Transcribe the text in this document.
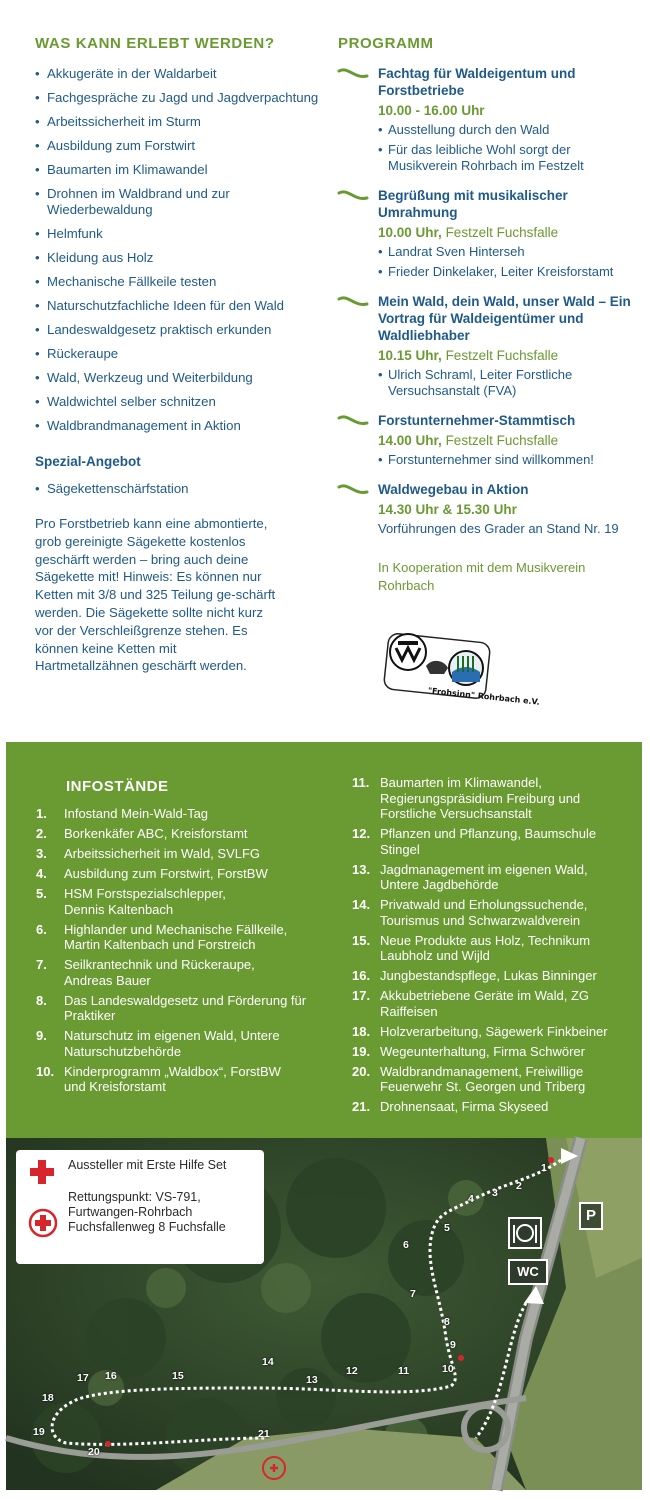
WAS KANN ERLEBT WERDEN?
• Akkugeräte in der Waldarbeit
• Fachgespräche zu Jagd und Jagdverpachtung
• Arbeitssicherheit im Sturm
• Ausbildung zum Forstwirt
• Baumarten im Klimawandel
• Drohnen im Waldbrand und zur Wiederbewaldung
• Helmfunk
• Kleidung aus Holz
• Mechanische Fällkeile testen
• Naturschutzfachliche Ideen für den Wald
• Landeswaldgesetz praktisch erkunden
• Rückeraupe
• Wald, Werkzeug und Weiterbildung
• Waldwichtel selber schnitzen
• Waldbrandmanagement in Aktion
Spezial-Angebot
• Sägekettenschärfstation

Pro Forstbetrieb kann eine abmontierte, grob gereinigte Sägekette kostenlos geschärft werden – bring auch deine Sägekette mit! Hinweis: Es können nur Ketten mit 3/8 und 325 Teilung ge-schärft werden. Die Sägekette sollte nicht kurz vor der Verschleißgrenze stehen. Es können keine Ketten mit Hartmetallzähnen geschärft werden.

PROGRAMM
Fachtag für Waldeigentum und Forstbetriebe
10.00 - 16.00 Uhr
• Ausstellung durch den Wald
• Für das leibliche Wohl sorgt der Musikverein Rohrbach im Festzelt
Begrüßung mit musikalischer Umrahmung
10.00 Uhr, Festzelt Fuchsfalle
• Landrat Sven Hinterseh
• Frieder Dinkelaker, Leiter Kreisforstamt
Mein Wald, dein Wald, unser Wald – Ein Vortrag für Waldeigentümer und Waldliebhaber
10.15 Uhr, Festzelt Fuchsfalle
• Ulrich Schraml, Leiter Forstliche Versuchsanstalt (FVA)
Forstunternehmer-Stammtisch
14.00 Uhr, Festzelt Fuchsfalle
• Forstunternehmer sind willkommen!
Waldwegebau in Aktion
14.30 Uhr & 15.30 Uhr
Vorführungen des Grader an Stand Nr. 19
In Kooperation mit dem Musikverein Rohrbach
"Frohsinn" Rohrbach e.V.
INFOSTÄNDE
1.	Infostand Mein-Wald-Tag
2.	Borkenkäfer ABC, Kreisforstamt
3.	Arbeitssicherheit im Wald, SVLFG
4.	Ausbildung zum Forstwirt, ForstBW
5.	HSM Forstspezialschlepper, Dennis Kaltenbach
6.	Highlander und Mechanische Fällkeile, Martin Kaltenbach und Forstreich
7.	Seilkrantechnik und Rückeraupe, Andreas Bauer
8.	Das Landeswaldgesetz und Förderung für Praktiker
9.	Naturschutz im eigenen Wald, Untere Naturschutzbehörde
10. Kinderprogramm „Waldbox“, ForstBW und Kreisforstamt
11. Baumarten im Klimawandel, Regierungspräsidium Freiburg und Forstliche Versuchsanstalt
12. Pflanzen und Pflanzung, Baumschule Stingel
13. Jagdmanagement im eigenen Wald, Untere Jagdbehörde
14. Privatwald und Erholungssuchende, Tourismus und Schwarzwaldverein
15. Neue Produkte aus Holz, Technikum Laubholz und Wijld
16. Jungbestandspflege, Lukas Binninger
17. Akkubetriebene Geräte im Wald, ZG Raiffeisen
18. Holzverarbeitung, Sägewerk Finkbeiner
19. Wegeunterhaltung, Firma Schwörer
20. Waldbrandmanagement, Freiwillige Feuerwehr St. Georgen und Triberg
21. Drohnensaat, Firma Skyseed
Aussteller mit Erste Hilfe Set
Rettungspunkt: VS-791, Furtwangen-Rohrbach Fuchsfallenweg 8 Fuchsfalle
WC
P
1
2
3
4
5
6
7
8
9
10
11
12
13
14
15
16
17
18
19
20
21
